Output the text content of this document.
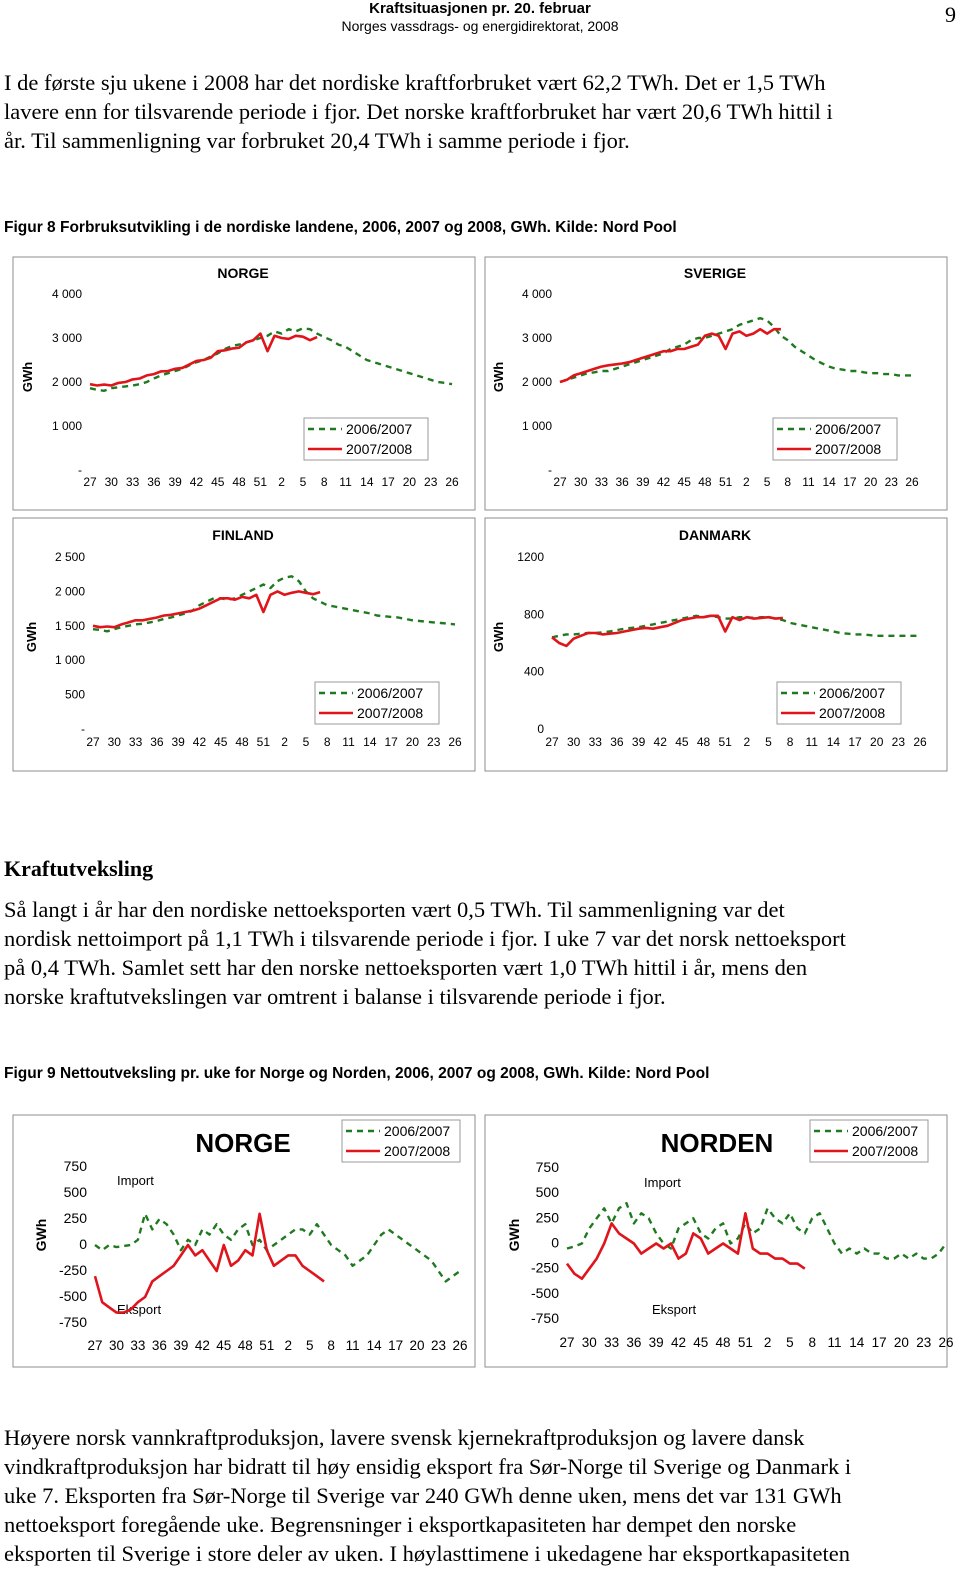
Kraftsituasjonen pr. 20. februar
Norges vassdrags- og energidirektorat, 2008	9

I de første sju ukene i 2008 har det nordiske kraftforbruket vært 62,2 TWh. Det er 1,5 TWh
lavere enn for tilsvarende periode i fjor. Det norske kraftforbruket har vært 20,6 TWh hittil i
år. Til sammenligning var forbruket 20,4 TWh i samme periode i fjor.

Figur 8 Forbruksutvikling i de nordiske landene, 2006, 2007 og 2008, GWh. Kilde: Nord Pool

NORGE
GWh
4 000
3 000
2 000
1 000
-
27 30 33 36 39 42 45 48 51 2 5 8 11 14 17 20 23 26
2006/2007
2007/2008
SVERIGE
GWh
4 000
3 000
2 000
1 000
-
27 30 33 36 39 42 45 48 51 2 5 8 11 14 17 20 23 26
2006/2007
2007/2008
FINLAND
GWh
2 500
2 000
1 500
1 000
500
-
27 30 33 36 39 42 45 48 51 2 5 8 11 14 17 20 23 26
2006/2007
2007/2008
DANMARK
GWh
1200
800
400
0
27 30 33 36 39 42 45 48 51 2 5 8 11 14 17 20 23 26
2006/2007
2007/2008
Kraftutveksling

Så langt i år har den nordiske nettoeksporten vært 0,5 TWh. Til sammenligning var det
nordisk nettoimport på 1,1 TWh i tilsvarende periode i fjor. I uke 7 var det norsk nettoeksport
på 0,4 TWh. Samlet sett har den norske nettoeksporten vært 1,0 TWh hittil i år, mens den
norske kraftutvekslingen var omtrent i balanse i tilsvarende periode i fjor.

Figur 9 Nettoutveksling pr. uke for Norge og Norden, 2006, 2007 og 2008, GWh. Kilde: Nord Pool

NORGE
GWh
750
500
250
0
-250
-500
-750
27 30 33 36 39 42 45 48 51 2 5 8 11 14 17 20 23 26
Import
Eksport
2006/2007
2007/2008	NORDEN
GWh
750
500
250
0
-250
-500
-750
27 30 33 36 39 42 45 48 51 2 5 8 11 14 17 20 23 26
Import
Eksport
2006/2007
2007/2008

Høyere norsk vannkraftproduksjon, lavere svensk kjernekraftproduksjon og lavere dansk
vindkraftproduksjon har bidratt til høy ensidig eksport fra Sør-Norge til Sverige og Danmark i
uke 7. Eksporten fra Sør-Norge til Sverige var 240 GWh denne uken, mens det var 131 GWh
nettoeksport foregående uke. Begrensninger i eksportkapasiteten har dempet den norske
eksporten til Sverige i store deler av uken. I høylasttimene i ukedagene har eksportkapasiteten
